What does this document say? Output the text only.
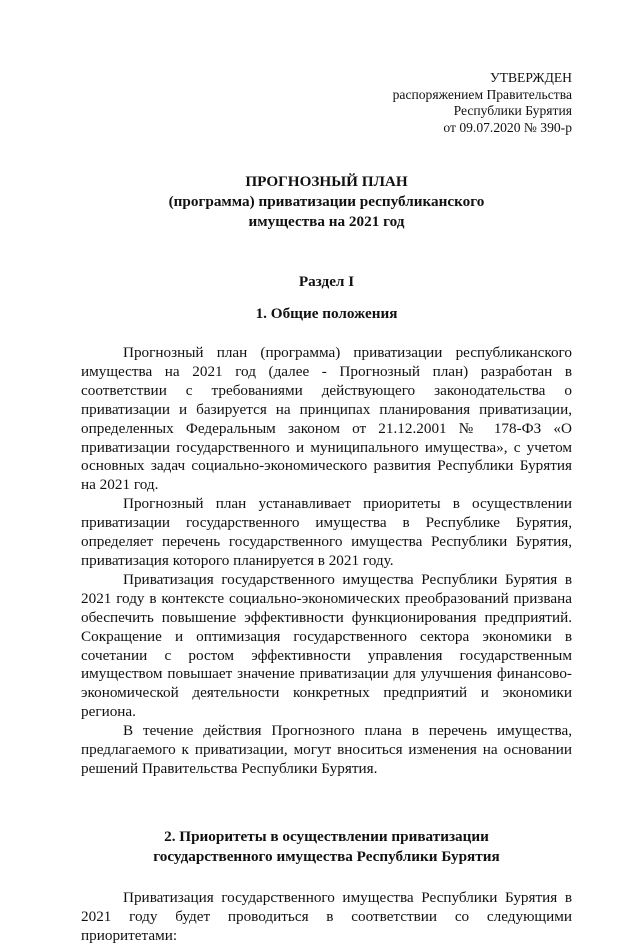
УТВЕРЖДЕН
распоряжением Правительства
Республики Бурятия
от 09.07.2020 № 390-р
ПРОГНОЗНЫЙ ПЛАН
(программа) приватизации республиканского
имущества на 2021 год
Раздел I
1. Общие положения

Прогнозный план (программа) приватизации республиканского имущества на 2021 год (далее - Прогнозный план) разработан в соответствии с требованиями действующего законодательства о приватизации и базируется на принципах планирования приватизации, определенных Федеральным законом от 21.12.2001 № 178-ФЗ «О приватизации государственного и муниципального имущества», с учетом основных задач социально-экономического развития Республики Бурятия на 2021 год.

Прогнозный план устанавливает приоритеты в осуществлении приватизации государственного имущества в Республике Бурятия, определяет перечень государственного имущества Республики Бурятия, приватизация которого планируется в 2021 году.

Приватизация государственного имущества Республики Бурятия в 2021 году в контексте социально-экономических преобразований призвана обеспечить повышение эффективности функционирования предприятий. Сокращение и оптимизация государственного сектора экономики в сочетании с ростом эффективности управления государственным имуществом повышает значение приватизации для улучшения финансово-экономической деятельности конкретных предприятий и экономики региона.

В течение действия Прогнозного плана в перечень имущества, предлагаемого к приватизации, могут вноситься изменения на основании решений Правительства Республики Бурятия.

2. Приоритеты в осуществлении приватизации
государственного имущества Республики Бурятия

Приватизация государственного имущества Республики Бурятия в 2021 году будет проводиться в соответствии со следующими приоритетами:
